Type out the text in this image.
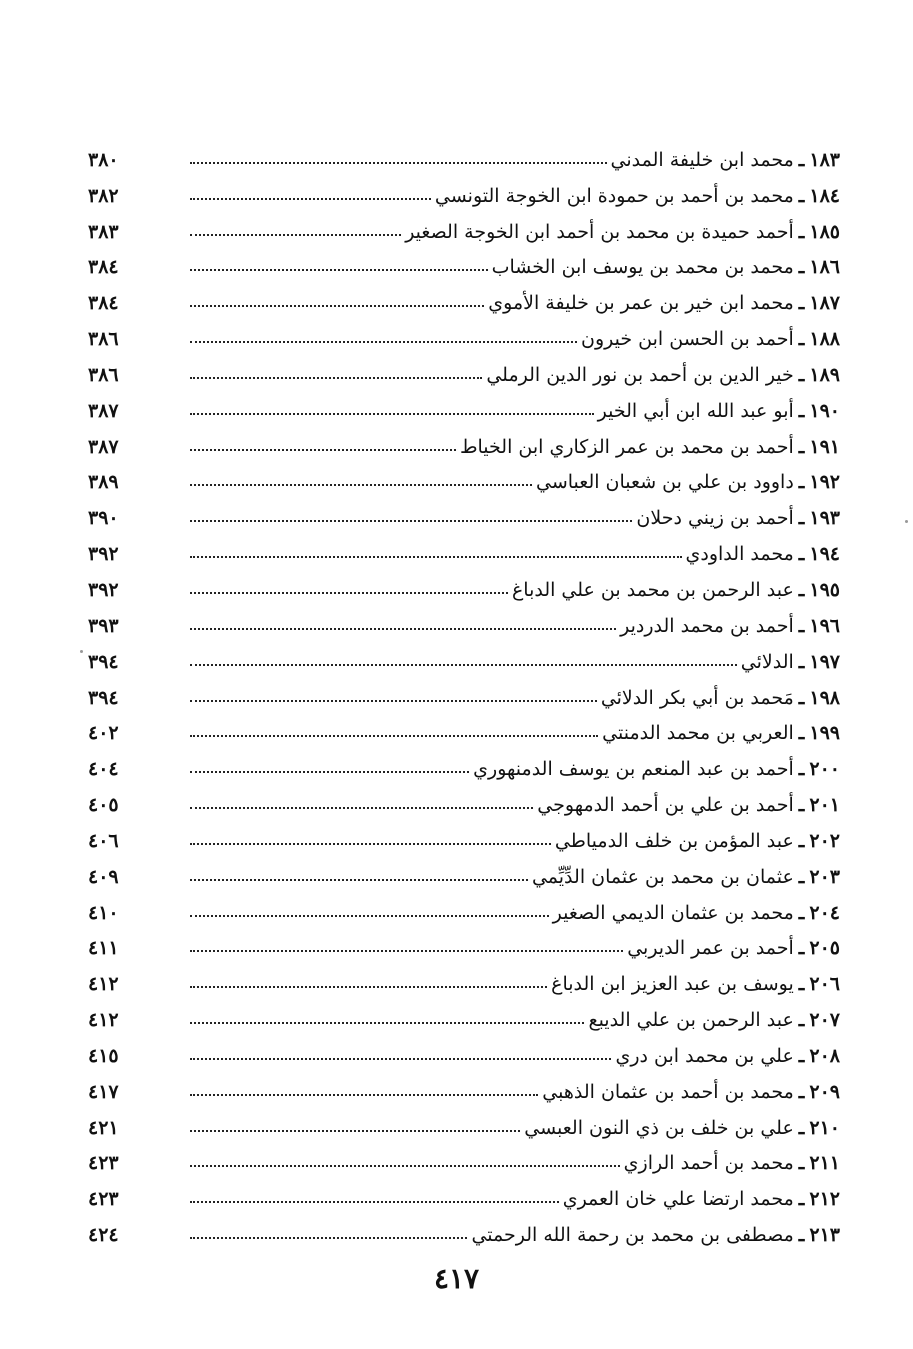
١٨٣
ـ
محمد ابن خليفة المدني
٣٨٠
١٨٤
ـ
محمد بن أحمد بن حمودة ابن الخوجة التونسي
٣٨٢
١٨٥
ـ
أحمد حميدة بن محمد بن أحمد ابن الخوجة الصغير
٣٨٣
١٨٦
ـ
محمد بن محمد بن يوسف ابن الخشاب
٣٨٤
١٨٧
ـ
محمد ابن خير بن عمر بن خليفة الأموي
٣٨٤
١٨٨
ـ
أحمد بن الحسن ابن خيرون
٣٨٦
١٨٩
ـ
خير الدين بن أحمد بن نور الدين الرملي
٣٨٦
١٩٠
ـ
أبو عبد الله ابن أبي الخير
٣٨٧
١٩١
ـ
أحمد بن محمد بن عمر الزكاري ابن الخياط
٣٨٧
١٩٢
ـ
داوود بن علي بن شعبان العباسي
٣٨٩
١٩٣
ـ
أحمد بن زيني دحلان
٣٩٠
١٩٤
ـ
محمد الداودي
٣٩٢
١٩٥
ـ
عبد الرحمن بن محمد بن علي الدباغ
٣٩٢
١٩٦
ـ
أحمد بن محمد الدردير
٣٩٣
١٩٧
ـ
الدلائي
٣٩٤
١٩٨
ـ
مَحمد بن أبي بكر الدلائي
٣٩٤
١٩٩
ـ
العربي بن محمد الدمنتي
٤٠٢
٢٠٠
ـ
أحمد بن عبد المنعم بن يوسف الدمنهوري
٤٠٤
٢٠١
ـ
أحمد بن علي بن أحمد الدمهوجي
٤٠٥
٢٠٢
ـ
عبد المؤمن بن خلف الدمياطي
٤٠٦
٢٠٣
ـ
عثمان بن محمد بن عثمان الدِّيِّمي
٤٠٩
٢٠٤
ـ
محمد بن عثمان الديمي الصغير
٤١٠
٢٠٥
ـ
أحمد بن عمر الديربي
٤١١
٢٠٦
ـ
يوسف بن عبد العزيز ابن الدباغ
٤١٢
٢٠٧
ـ
عبد الرحمن بن علي الديبع
٤١٢
٢٠٨
ـ
علي بن محمد ابن دري
٤١٥
٢٠٩
ـ
محمد بن أحمد بن عثمان الذهبي
٤١٧
٢١٠
ـ
علي بن خلف بن ذي النون العبسي
٤٢١
٢١١
ـ
محمد بن أحمد الرازي
٤٢٣
٢١٢
ـ
محمد ارتضا علي خان العمري
٤٢٣
٢١٣
ـ
مصطفى بن محمد بن رحمة الله الرحمتي
٤٢٤
٤١٧
